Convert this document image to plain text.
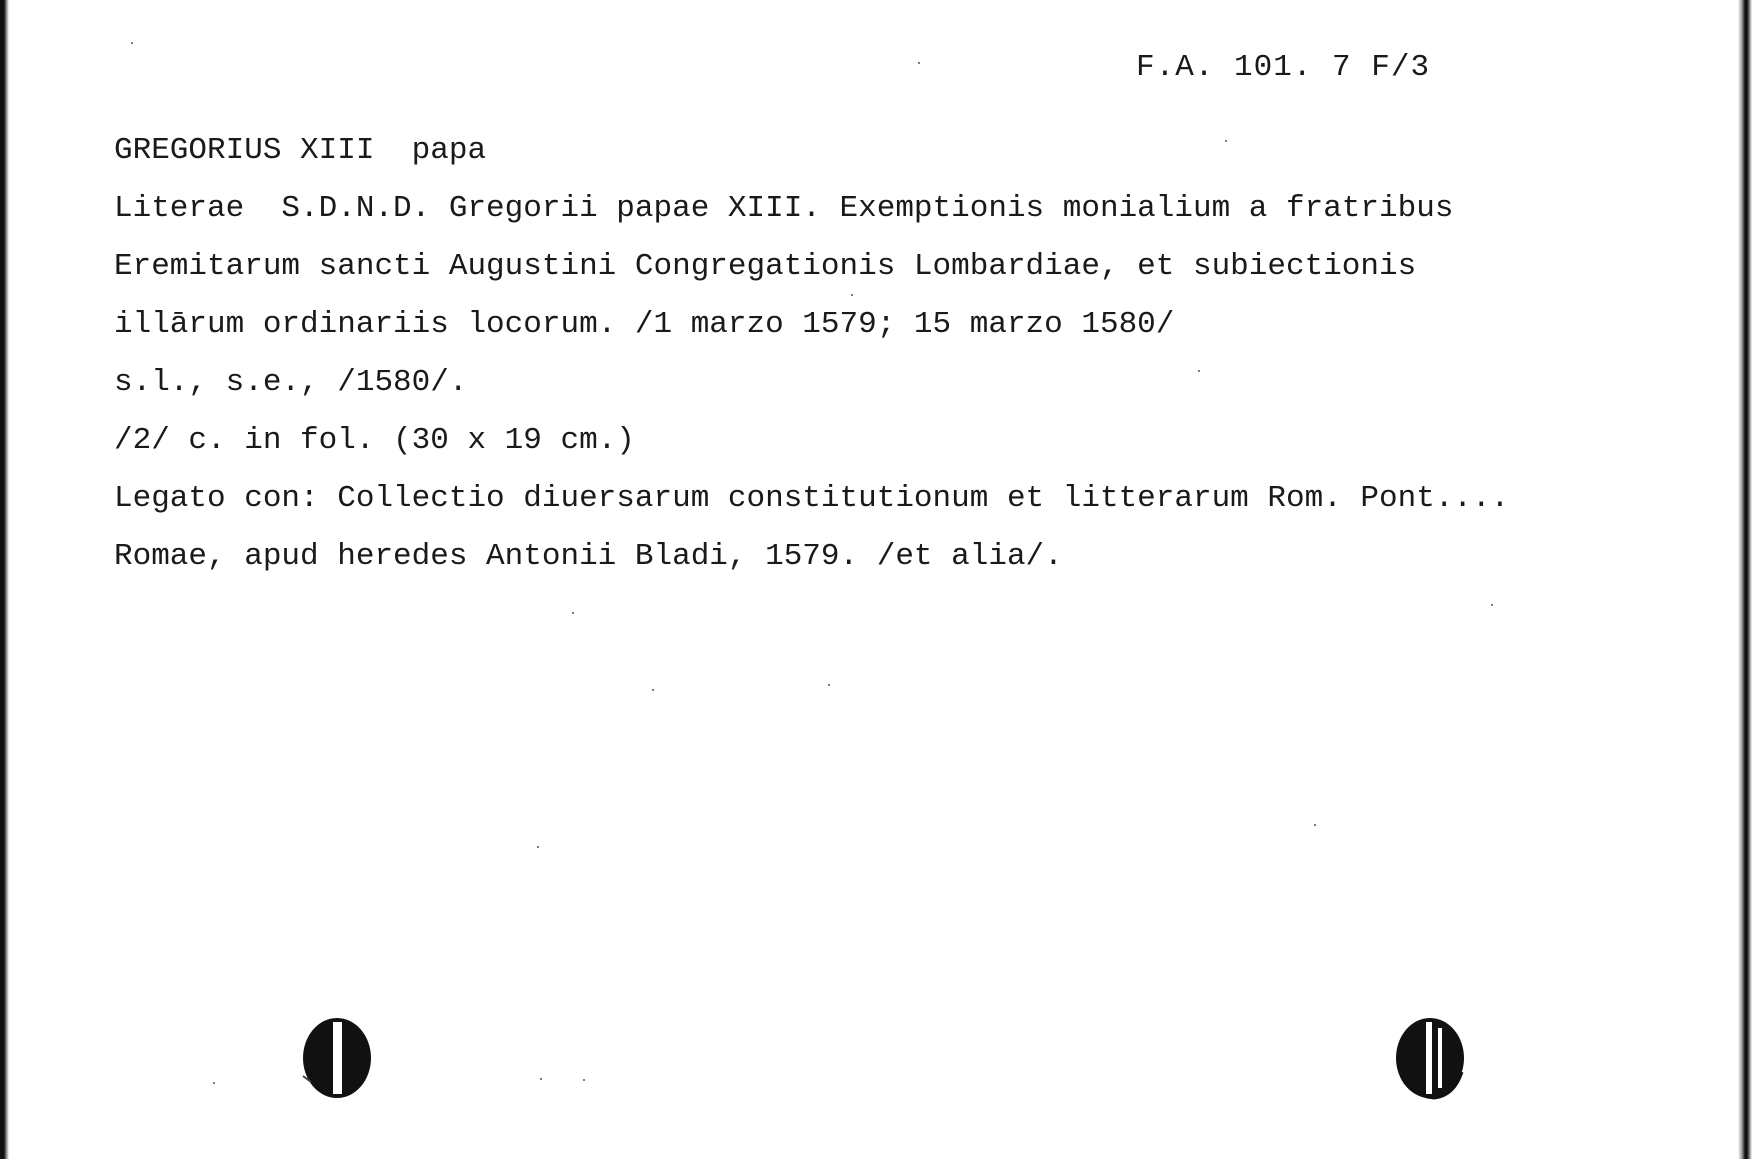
F.A. 101. 7 F/3
GREGORIUS XIII  papa
Literae  S.D.N.D. Gregorii papae XIII. Exemptionis monialium a fratribus
Eremitarum sancti Augustini Congregationis Lombardiae, et subiectionis
illārum ordinariis locorum. /1 marzo 1579; 15 marzo 1580/
s.l., s.e., /1580/.
/2/ c. in fol. (30 x 19 cm.)
Legato con: Collectio diuersarum constitutionum et litterarum Rom. Pont....
Romae, apud heredes Antonii Bladi, 1579. /et alia/.
